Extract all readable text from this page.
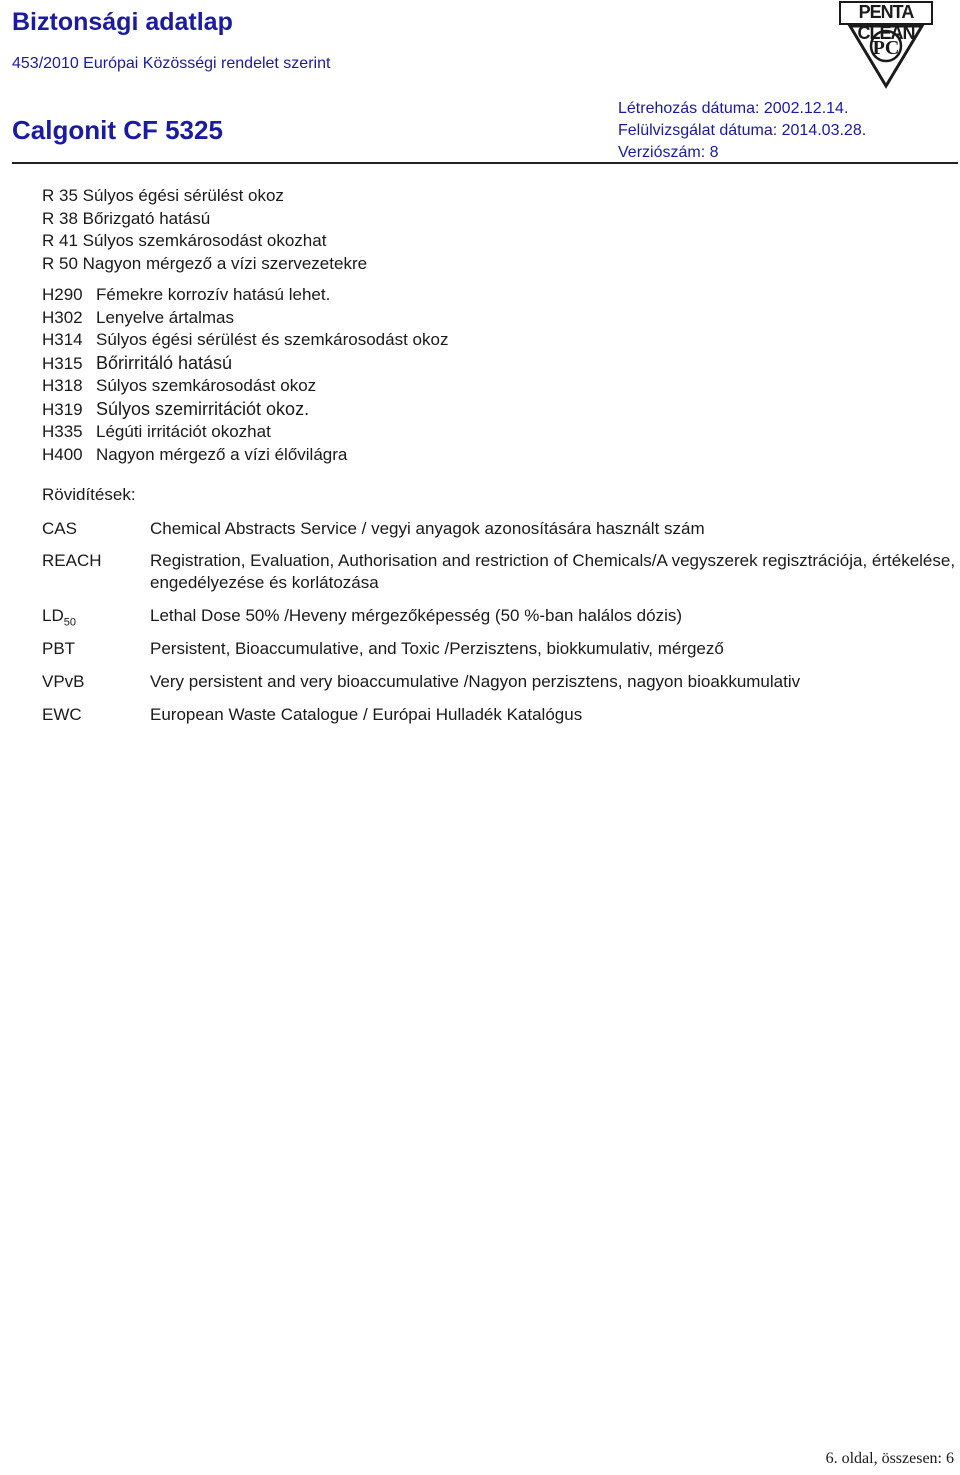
Biztonsági adatlap
453/2010 Európai Közösségi rendelet szerint
Calgonit CF 5325
Létrehozás dátuma: 2002.12.14.
Felülvizsgálat dátuma: 2014.03.28.
Verziószám: 8
PC
PENTA CLEAN
R 35 Súlyos égési sérülést okoz
R 38 Bőrizgató hatású
R 41 Súlyos szemkárosodást okozhat
R 50 Nagyon mérgező a vízi szervezetekre
H290 Fémekre korrozív hatású lehet.
H302 Lenyelve ártalmas
H314 Súlyos égési sérülést és szemkárosodást okoz
H315 Bőrirritáló hatású
H318 Súlyos szemkárosodást okoz
H319 Súlyos szemirritációt okoz.
H335 Légúti irritációt okozhat
H400 Nagyon mérgező a vízi élővilágra
Rövidítések:
CAS	Chemical Abstracts Service / vegyi anyagok azonosítására használt szám
REACH	Registration, Evaluation, Authorisation and restriction of Chemicals/A vegyszerek regisztrációja, értékelése, engedélyezése és korlátozása
$LD_{50}$	Lethal Dose 50% /Heveny mérgezőképesség (50 %-ban halálos dózis)
PBT	Persistent, Bioaccumulative, and Toxic /Perzisztens, biokkumulativ, mérgező
VPvB	Very persistent and very bioaccumulative /Nagyon perzisztens, nagyon bioakkumulativ
EWC	European Waste Catalogue / Európai Hulladék Katalógus
6. oldal, összesen: 6
